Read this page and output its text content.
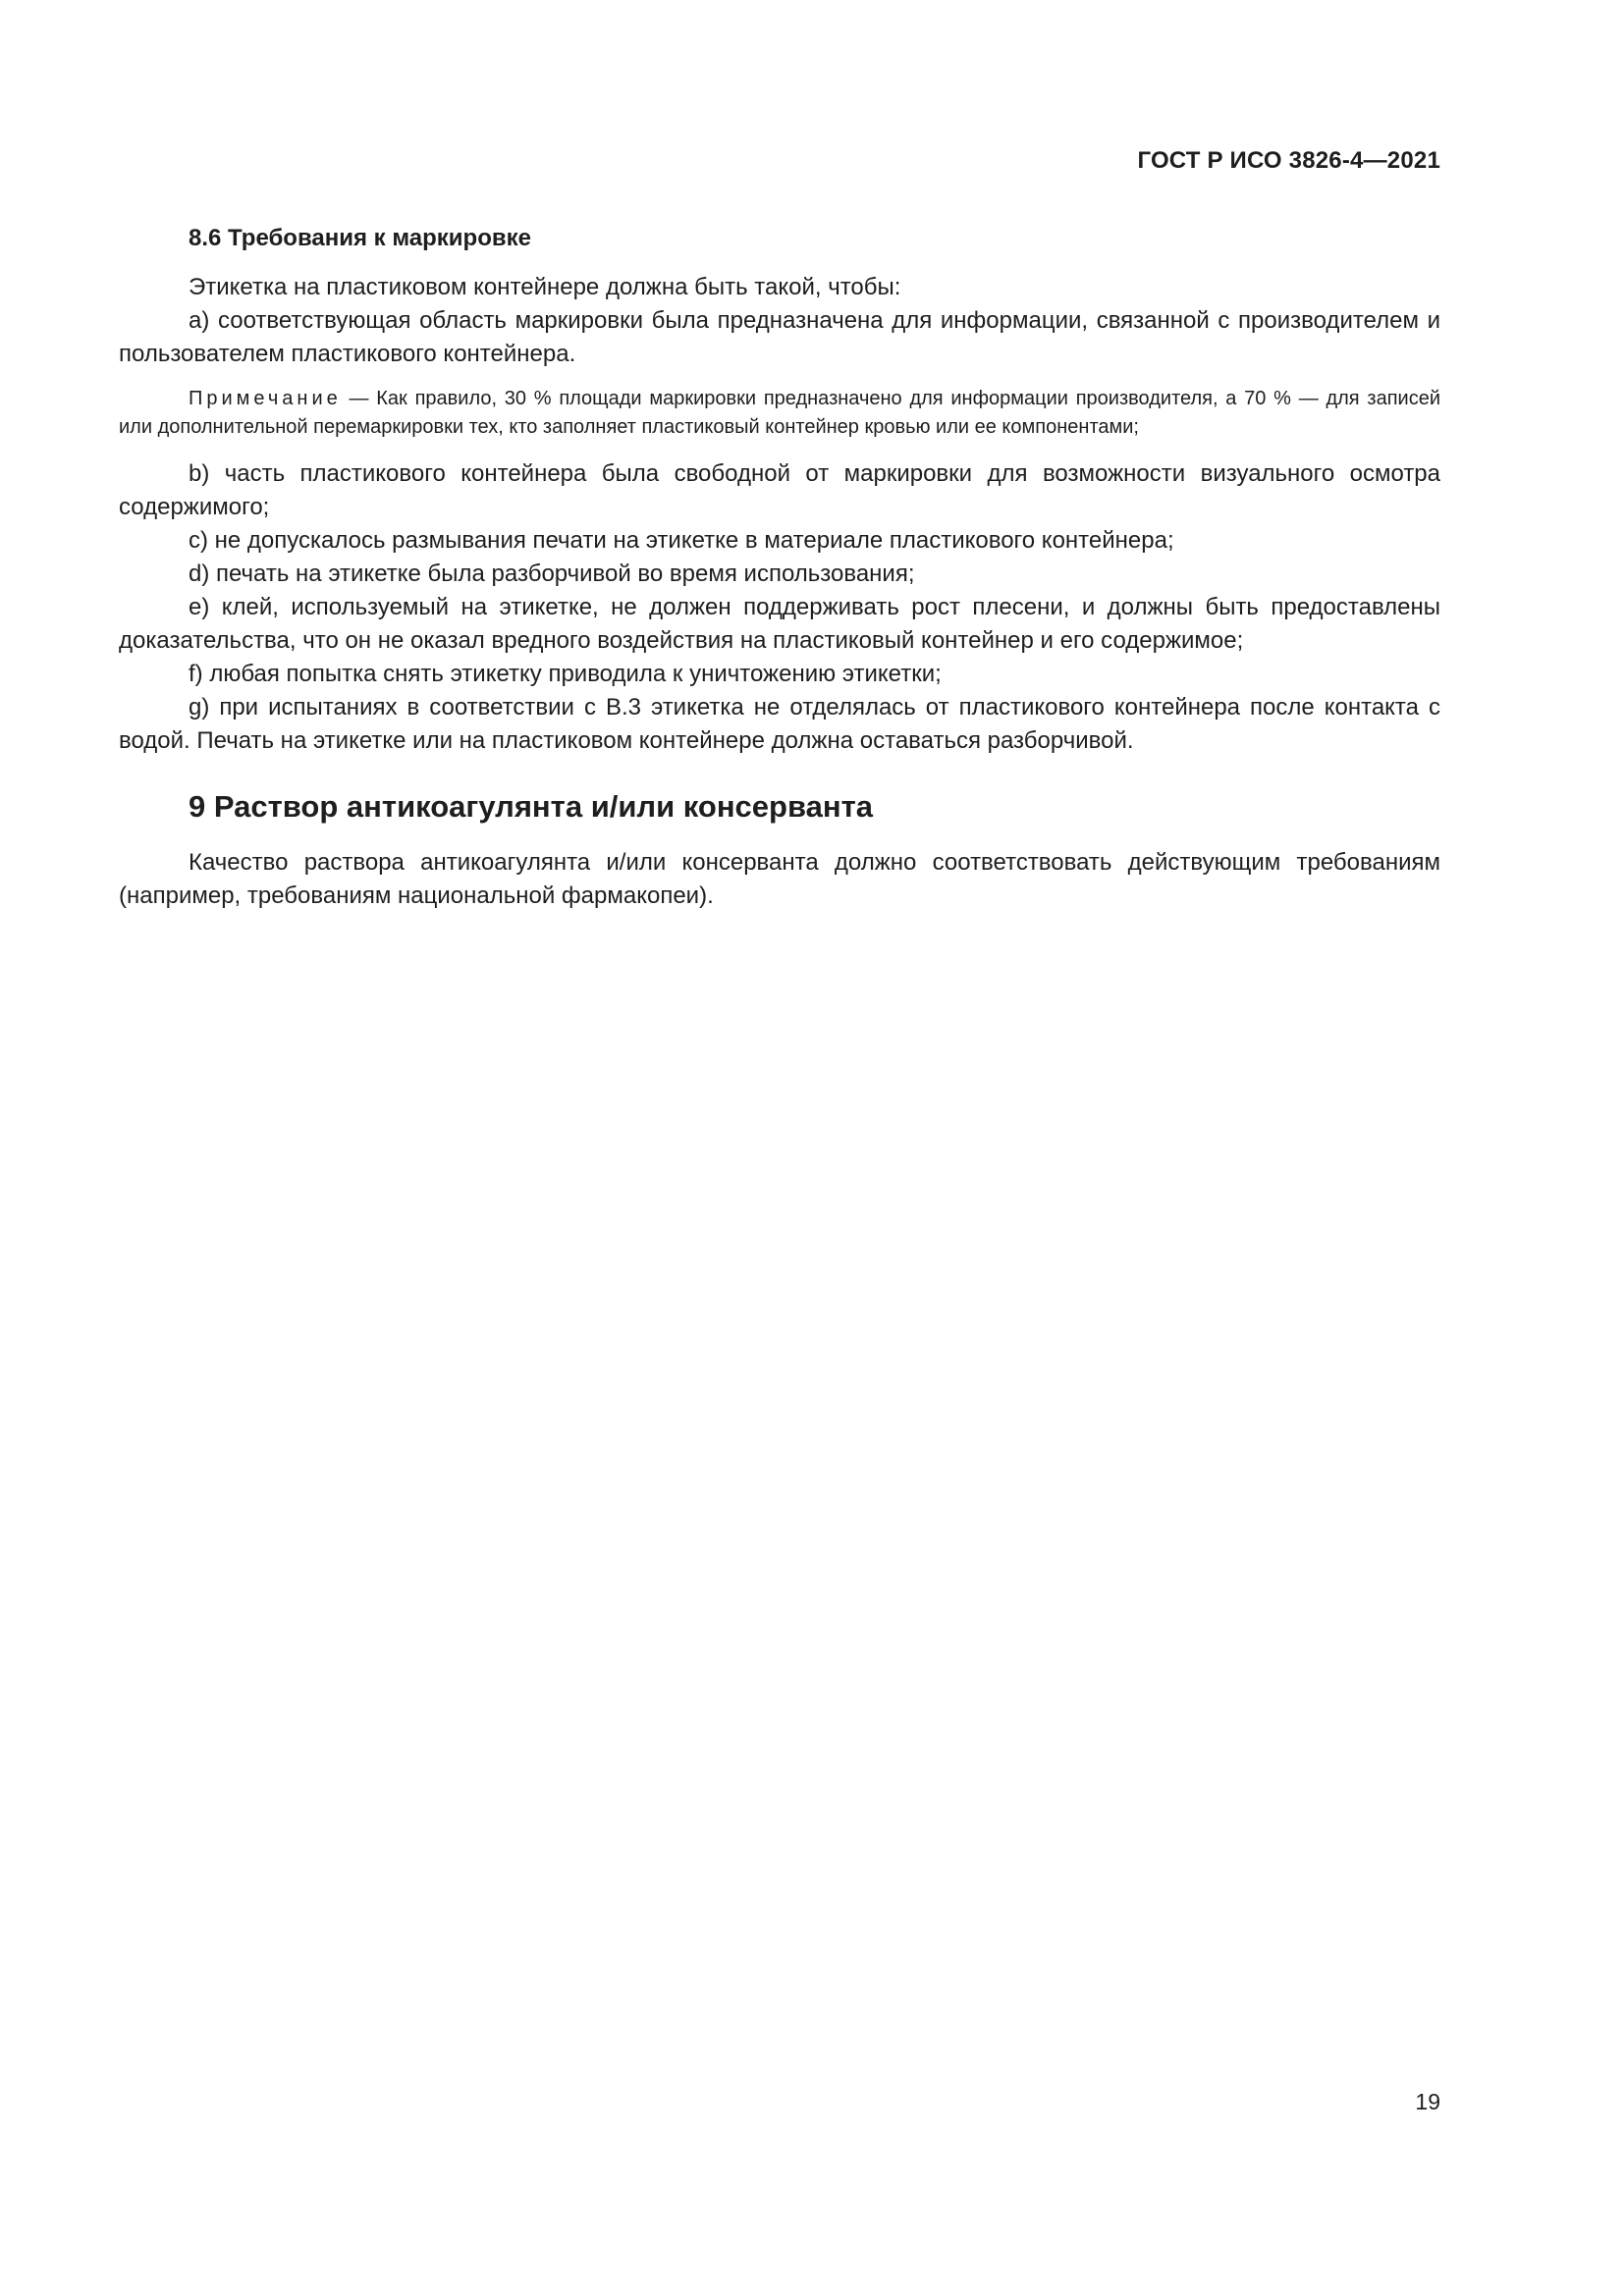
ГОСТ Р ИСО 3826-4—2021
8.6 Требования к маркировке

Этикетка на пластиковом контейнере должна быть такой, чтобы:

a) соответствующая область маркировки была предназначена для информации, связанной с производителем и пользователем пластикового контейнера.

Примечание — Как правило, 30 % площади маркировки предназначено для информации производителя, а 70 % — для записей или дополнительной перемаркировки тех, кто заполняет пластиковый контейнер кровью или ее компонентами;

b) часть пластикового контейнера была свободной от маркировки для возможности визуального осмотра содержимого;

c) не допускалось размывания печати на этикетке в материале пластикового контейнера;

d) печать на этикетке была разборчивой во время использования;

e) клей, используемый на этикетке, не должен поддерживать рост плесени, и должны быть предоставлены доказательства, что он не оказал вредного воздействия на пластиковый контейнер и его содержимое;

f) любая попытка снять этикетку приводила к уничтожению этикетки;

g) при испытаниях в соответствии с В.3 этикетка не отделялась от пластикового контейнера после контакта с водой. Печать на этикетке или на пластиковом контейнере должна оставаться разборчивой.

9 Раствор антикоагулянта и/или консерванта

Качество раствора антикоагулянта и/или консерванта должно соответствовать действующим требованиям (например, требованиям национальной фармакопеи).

19
